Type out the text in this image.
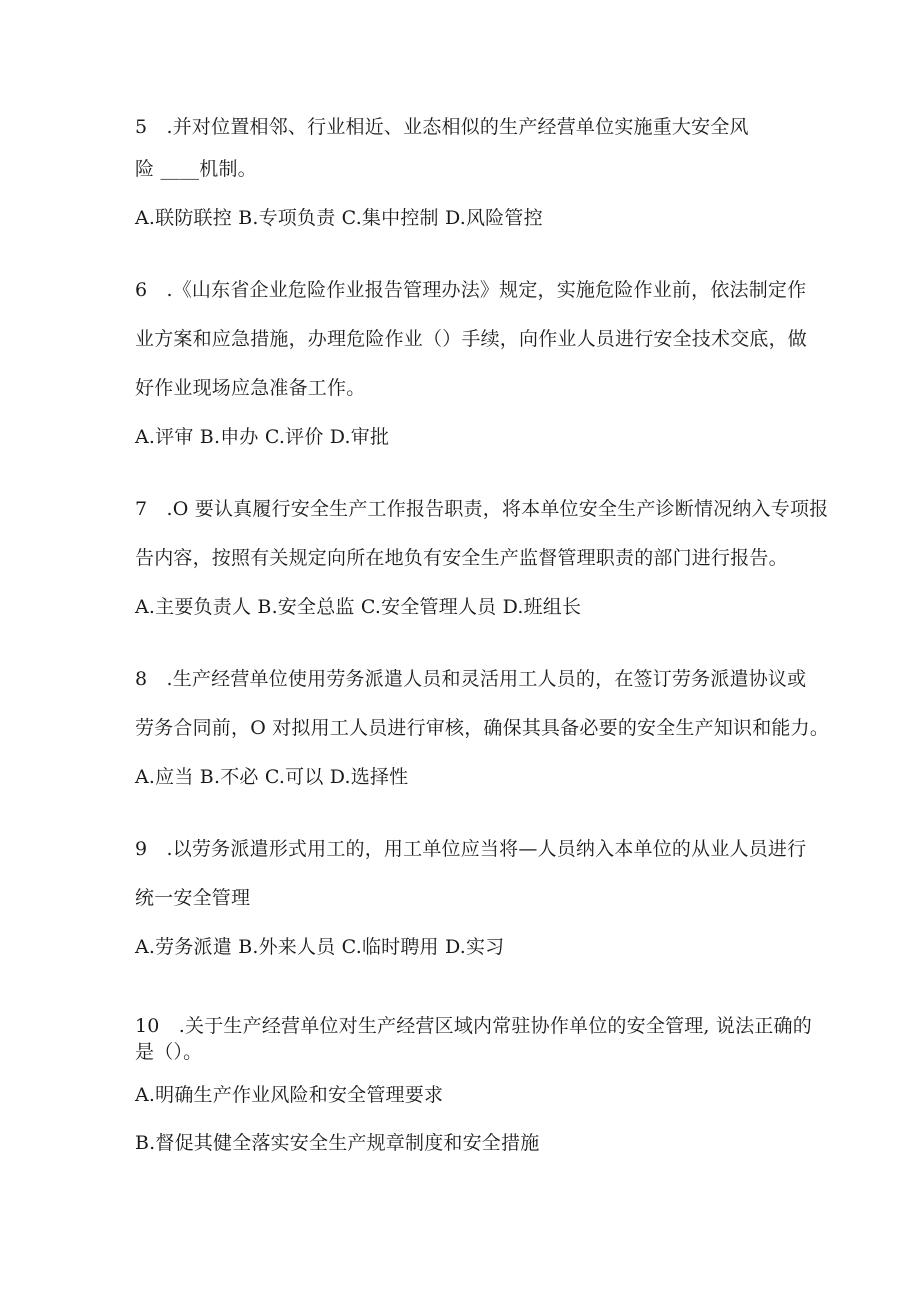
5　.并对位置相邻、行业相近、业态相似的生产经营单位实施重大安全风
险 ____机制。
A.联防联控 B.专项负责 C.集中控制 D.风险管控
6　.《山东省企业危险作业报告管理办法》规定，实施危险作业前，依法制定作
业方案和应急措施，办理危险作业（）手续，向作业人员进行安全技术交底，做
好作业现场应急准备工作。
A.评审 B.申办 C.评价 D.审批
7　.O 要认真履行安全生产工作报告职责，将本单位安全生产诊断情况纳入专项报
告内容，按照有关规定向所在地负有安全生产监督管理职责的部门进行报告。
A.主要负责人 B.安全总监 C.安全管理人员 D.班组长
8　.生产经营单位使用劳务派遣人员和灵活用工人员的，在签订劳务派遣协议或
劳务合同前，O 对拟用工人员进行审核，确保其具备必要的安全生产知识和能力。
A.应当 B.不必 C.可以 D.选择性
9　.以劳务派遣形式用工的，用工单位应当将—人员纳入本单位的从业人员进行
统一安全管理
A.劳务派遣 B.外来人员 C.临时聘用 D.实习
10　.关于生产经营单位对生产经营区域内常驻协作单位的安全管理, 说法正确的
是（）。
A.明确生产作业风险和安全管理要求
B.督促其健全落实安全生产规章制度和安全措施
